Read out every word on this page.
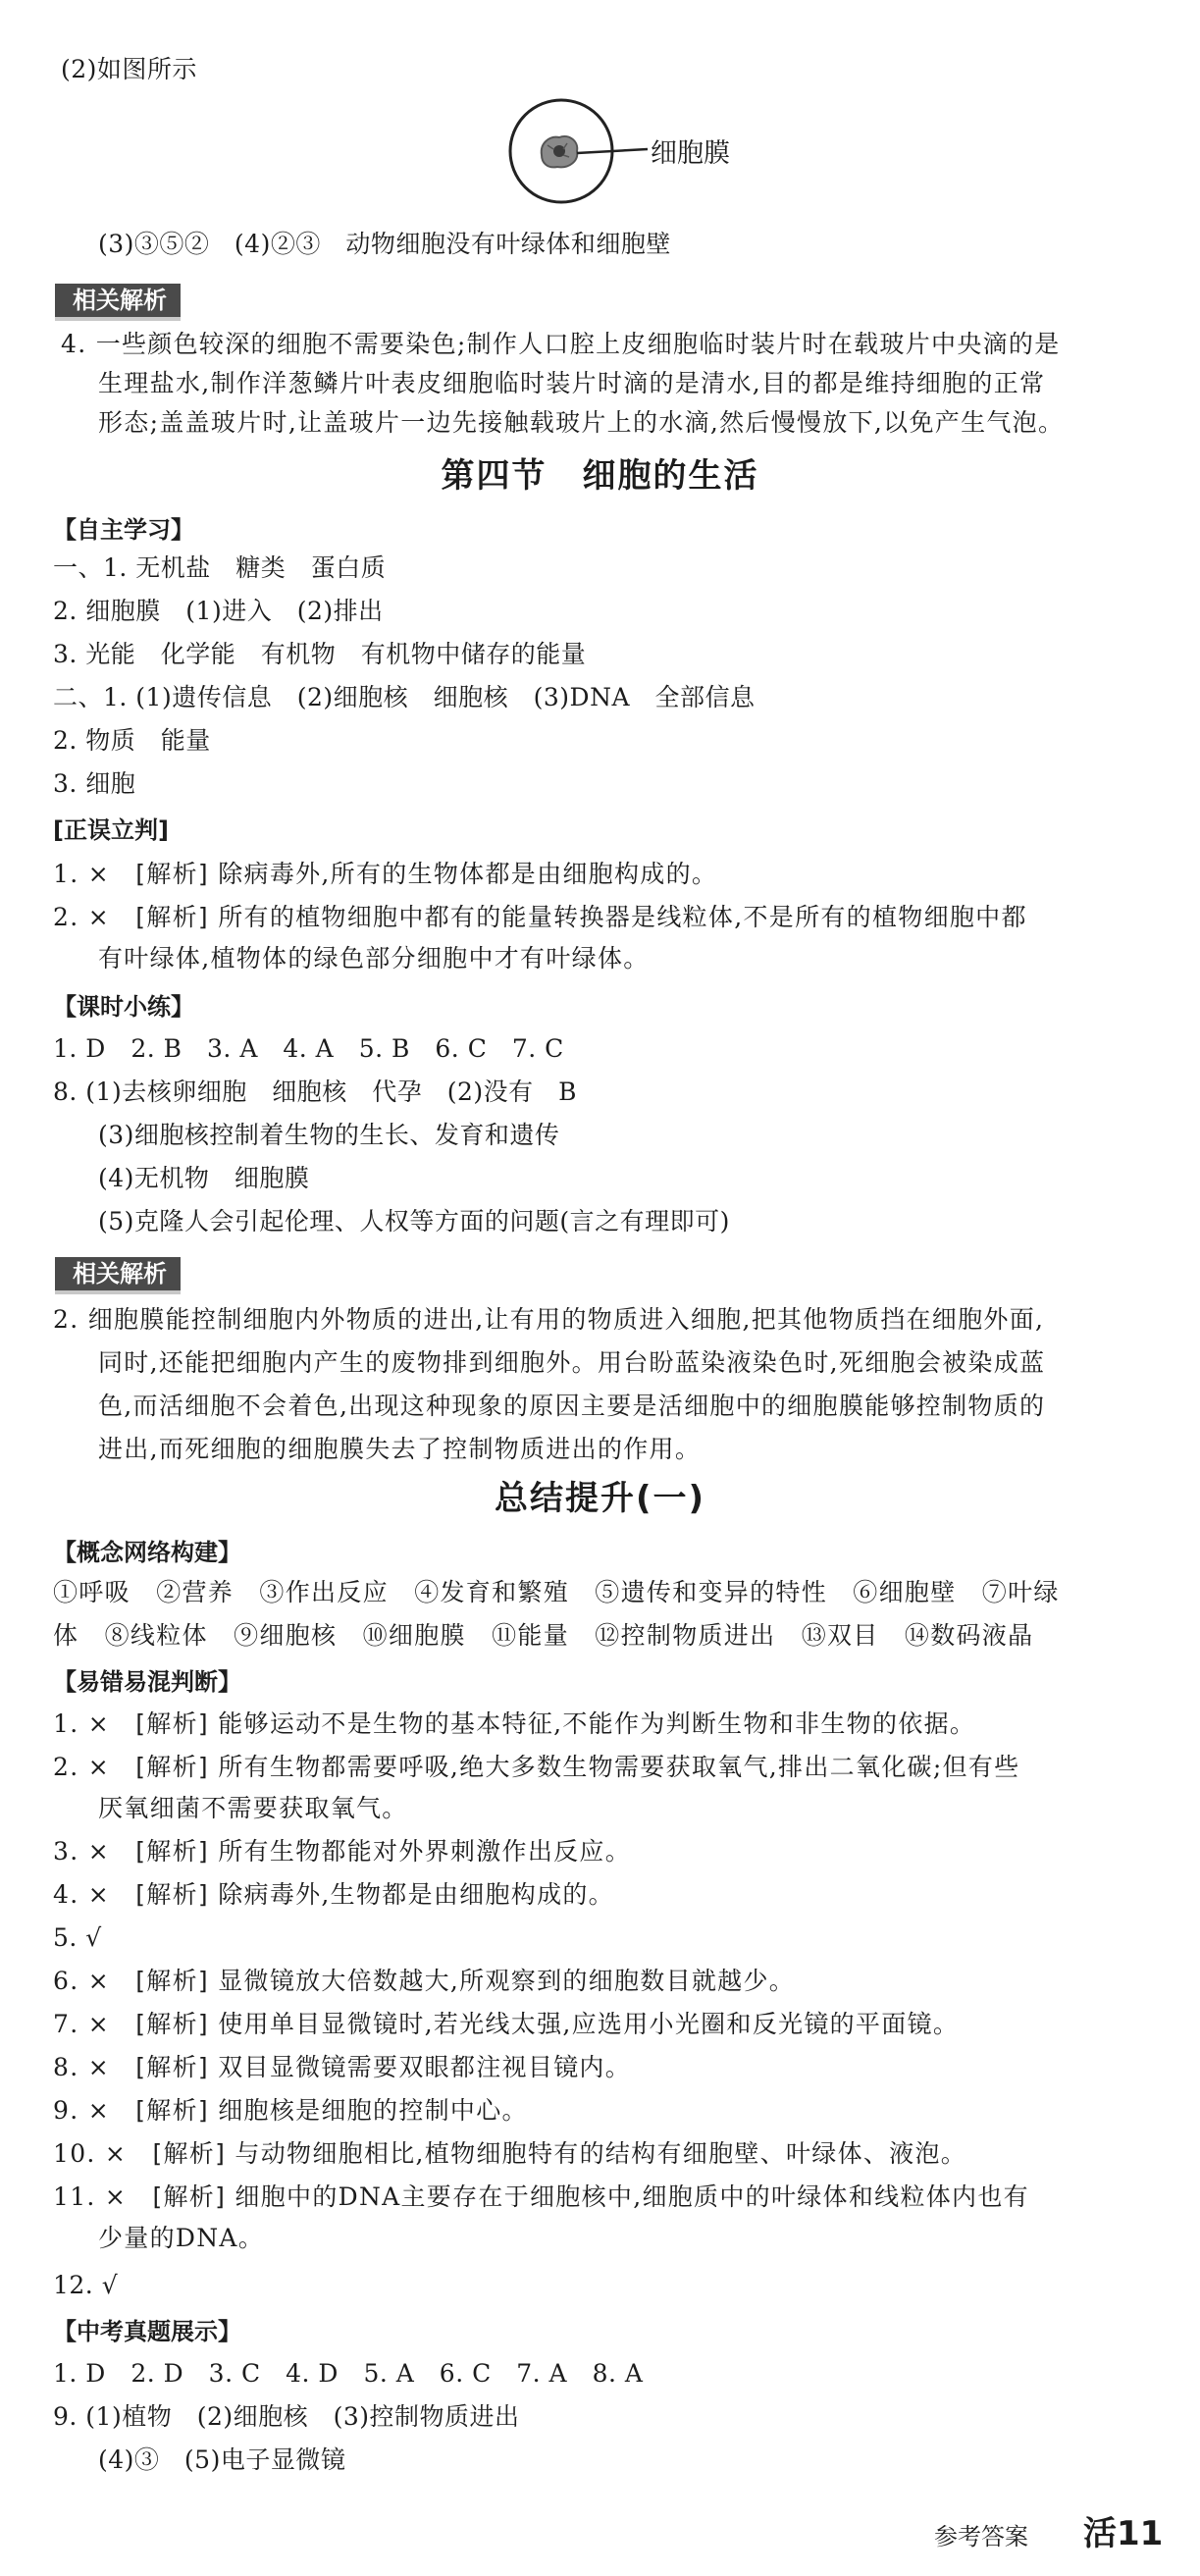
(2)如图所示
细胞膜
(3)③⑤②　(4)②③　动物细胞没有叶绿体和细胞壁
相关解析
4. 一些颜色较深的细胞不需要染色;制作人口腔上皮细胞临时装片时在载玻片中央滴的是
生理盐水,制作洋葱鳞片叶表皮细胞临时装片时滴的是清水,目的都是维持细胞的正常
形态;盖盖玻片时,让盖玻片一边先接触载玻片上的水滴,然后慢慢放下,以免产生气泡。
第四节　细胞的生活
【自主学习】
一、1. 无机盐　糖类　蛋白质
2. 细胞膜　(1)进入　(2)排出
3. 光能　化学能　有机物　有机物中储存的能量
二、1. (1)遗传信息　(2)细胞核　细胞核　(3)DNA　全部信息
2. 物质　能量
3. 细胞
[正误立判]
1. ×　[解析] 除病毒外,所有的生物体都是由细胞构成的。
2. ×　[解析] 所有的植物细胞中都有的能量转换器是线粒体,不是所有的植物细胞中都
有叶绿体,植物体的绿色部分细胞中才有叶绿体。
【课时小练】
1. D　2. B　3. A　4. A　5. B　6. C　7. C
8. (1)去核卵细胞　细胞核　代孕　(2)没有　B
(3)细胞核控制着生物的生长、发育和遗传
(4)无机物　细胞膜
(5)克隆人会引起伦理、人权等方面的问题(言之有理即可)
相关解析
2. 细胞膜能控制细胞内外物质的进出,让有用的物质进入细胞,把其他物质挡在细胞外面,
同时,还能把细胞内产生的废物排到细胞外。用台盼蓝染液染色时,死细胞会被染成蓝
色,而活细胞不会着色,出现这种现象的原因主要是活细胞中的细胞膜能够控制物质的
进出,而死细胞的细胞膜失去了控制物质进出的作用。
总结提升(一)
【概念网络构建】
①呼吸　②营养　③作出反应　④发育和繁殖　⑤遗传和变异的特性　⑥细胞壁　⑦叶绿
体　⑧线粒体　⑨细胞核　⑩细胞膜　⑪能量　⑫控制物质进出　⑬双目　⑭数码液晶
【易错易混判断】
1. ×　[解析] 能够运动不是生物的基本特征,不能作为判断生物和非生物的依据。
2. ×　[解析] 所有生物都需要呼吸,绝大多数生物需要获取氧气,排出二氧化碳;但有些
厌氧细菌不需要获取氧气。
3. ×　[解析] 所有生物都能对外界刺激作出反应。
4. ×　[解析] 除病毒外,生物都是由细胞构成的。
5. √
6. ×　[解析] 显微镜放大倍数越大,所观察到的细胞数目就越少。
7. ×　[解析] 使用单目显微镜时,若光线太强,应选用小光圈和反光镜的平面镜。
8. ×　[解析] 双目显微镜需要双眼都注视目镜内。
9. ×　[解析] 细胞核是细胞的控制中心。
10. ×　[解析] 与动物细胞相比,植物细胞特有的结构有细胞壁、叶绿体、液泡。
11. ×　[解析] 细胞中的DNA主要存在于细胞核中,细胞质中的叶绿体和线粒体内也有
少量的DNA。
12. √
【中考真题展示】
1. D　2. D　3. C　4. D　5. A　6. C　7. A　8. A
9. (1)植物　(2)细胞核　(3)控制物质进出
(4)③　(5)电子显微镜
参考答案 活11
